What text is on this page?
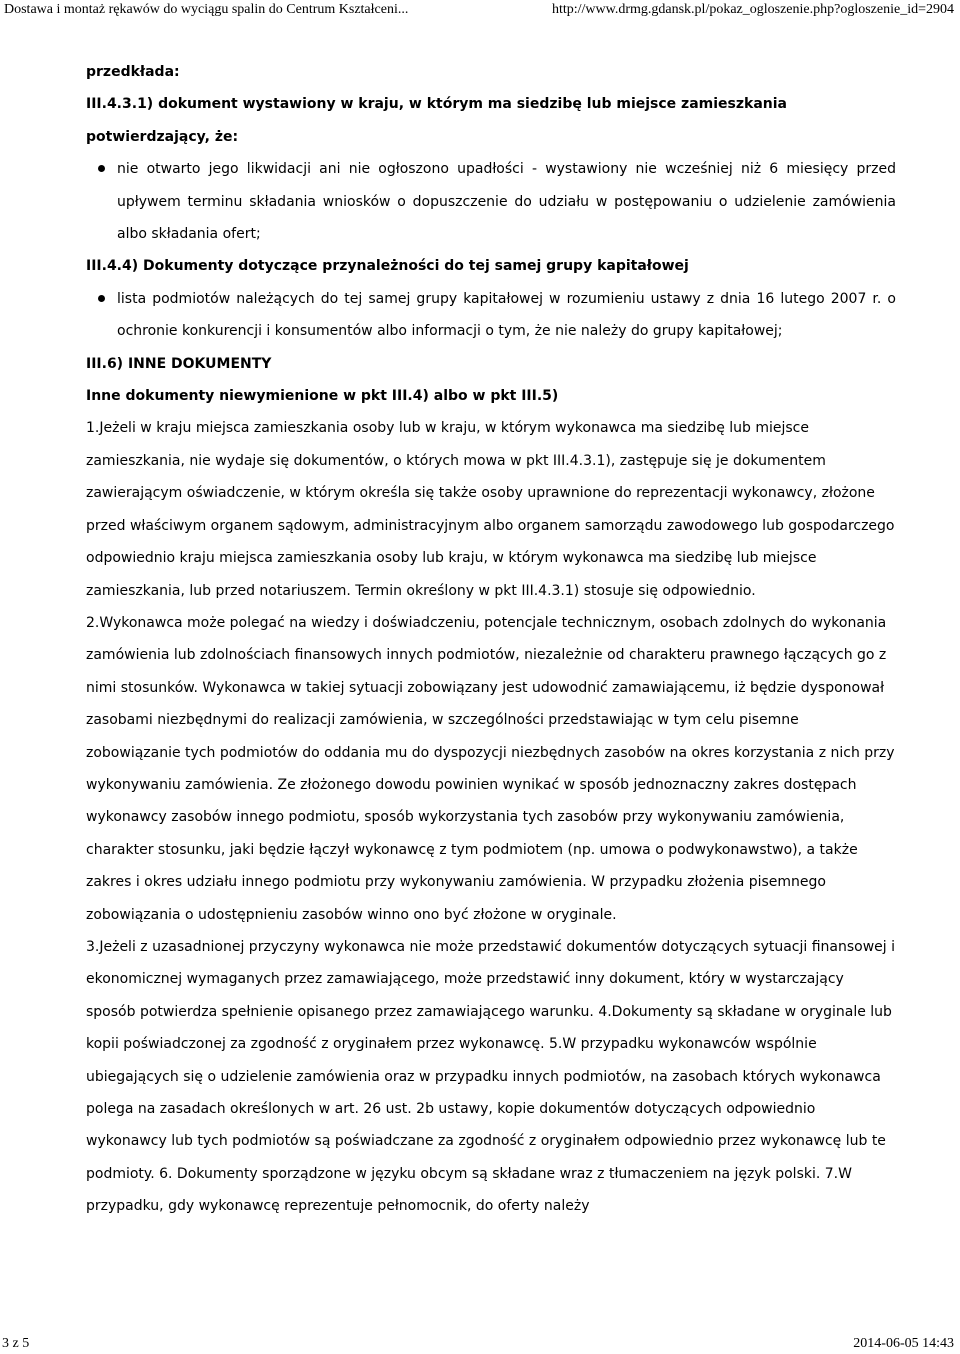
Dostawa i montaż rękawów do wyciągu spalin do Centrum Kształceni...	http://www.drmg.gdansk.pl/pokaz_ogloszenie.php?ogloszenie_id=2904

przedkłada:

III.4.3.1) dokument wystawiony w kraju, w którym ma siedzibę lub miejsce zamieszkania potwierdzający, że:

nie otwarto jego likwidacji ani nie ogłoszono upadłości - wystawiony nie wcześniej niż 6 miesięcy przed upływem terminu składania wniosków o dopuszczenie do udziału w postępowaniu o udzielenie zamówienia albo składania ofert;

III.4.4) Dokumenty dotyczące przynależności do tej samej grupy kapitałowej

lista podmiotów należących do tej samej grupy kapitałowej w rozumieniu ustawy z dnia 16 lutego 2007 r. o ochronie konkurencji i konsumentów albo informacji o tym, że nie należy do grupy kapitałowej;

III.6) INNE DOKUMENTY

Inne dokumenty niewymienione w pkt III.4) albo w pkt III.5)

1.Jeżeli w kraju miejsca zamieszkania osoby lub w kraju, w którym wykonawca ma siedzibę lub miejsce zamieszkania, nie wydaje się dokumentów, o których mowa w pkt III.4.3.1), zastępuje się je dokumentem zawierającym oświadczenie, w którym określa się także osoby uprawnione do reprezentacji wykonawcy, złożone przed właściwym organem sądowym, administracyjnym albo organem samorządu zawodowego lub gospodarczego odpowiednio kraju miejsca zamieszkania osoby lub kraju, w którym wykonawca ma siedzibę lub miejsce zamieszkania, lub przed notariuszem. Termin określony w pkt III.4.3.1) stosuje się odpowiednio.

2.Wykonawca może polegać na wiedzy i doświadczeniu, potencjale technicznym, osobach zdolnych do wykonania zamówienia lub zdolnościach finansowych innych podmiotów, niezależnie od charakteru prawnego łączących go z nimi stosunków. Wykonawca w takiej sytuacji zobowiązany jest udowodnić zamawiającemu, iż będzie dysponował zasobami niezbędnymi do realizacji zamówienia, w szczególności przedstawiając w tym celu pisemne zobowiązanie tych podmiotów do oddania mu do dyspozycji niezbędnych zasobów na okres korzystania z nich przy wykonywaniu zamówienia. Ze złożonego dowodu powinien wynikać w sposób jednoznaczny zakres dostępach wykonawcy zasobów innego podmiotu, sposób wykorzystania tych zasobów przy wykonywaniu zamówienia, charakter stosunku, jaki będzie łączył wykonawcę z tym podmiotem (np. umowa o podwykonawstwo), a także zakres i okres udziału innego podmiotu przy wykonywaniu zamówienia. W przypadku złożenia pisemnego zobowiązania o udostępnieniu zasobów winno ono być złożone w oryginale.

3.Jeżeli z uzasadnionej przyczyny wykonawca nie może przedstawić dokumentów dotyczących sytuacji finansowej i ekonomicznej wymaganych przez zamawiającego, może przedstawić inny dokument, który w wystarczający sposób potwierdza spełnienie opisanego przez zamawiającego warunku. 4.Dokumenty są składane w oryginale lub kopii poświadczonej za zgodność z oryginałem przez wykonawcę. 5.W przypadku wykonawców wspólnie ubiegających się o udzielenie zamówienia oraz w przypadku innych podmiotów, na zasobach których wykonawca polega na zasadach określonych w art. 26 ust. 2b ustawy, kopie dokumentów dotyczących odpowiednio wykonawcy lub tych podmiotów są poświadczane za zgodność z oryginałem odpowiednio przez wykonawcę lub te podmioty. 6. Dokumenty sporządzone w języku obcym są składane wraz z tłumaczeniem na język polski. 7.W przypadku, gdy wykonawcę reprezentuje pełnomocnik, do oferty należy

3 z 5	2014-06-05 14:43
